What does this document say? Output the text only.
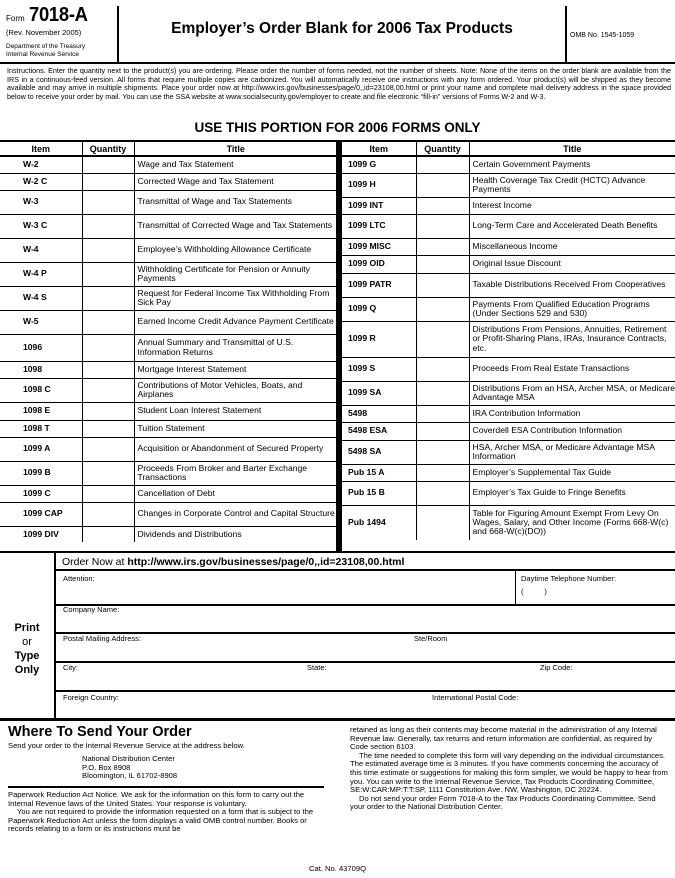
Form 7018-A
(Rev. November 2005)
Department of the Treasury
Internal Revenue Service
Employer’s Order Blank for 2006 Tax Products	OMB No. 1545-1059
Instructions. Enter the quantity next to the product(s) you are ordering. Please order the number of forms needed, not the number of sheets. Note: None of the items on the order blank are available from the IRS in a continuous-feed version. All forms that require multiple copies are carbonized. You will automatically receive one instructions with any form ordered. Your product(s) will be shipped as they become available and may arrive in multiple shipments. Place your order now at http://www.irs.gov/businesses/page/0,,id=23108,00.html or print your name and complete mail delivery address in the space provided below to receive your order by mail. You can use the SSA website at www.socialsecurity.gov/employer to create and file electronic “fill-in” versions of Forms W-2 and W-3.
USE THIS PORTION FOR 2006 FORMS ONLY
Item	Quantity	Title
W-2		Wage and Tax Statement
W-2 C		Corrected Wage and Tax Statement
W-3		Transmittal of Wage and Tax Statements
W-3 C		Transmittal of Corrected Wage and Tax Statements
W-4		Employee’s Withholding Allowance Certificate
W-4 P		Withholding Certificate for Pension or Annuity Payments
W-4 S		Request for Federal Income Tax Withholding From Sick Pay
W-5		Earned Income Credit Advance Payment Certificate
1096		Annual Summary and Transmittal of U.S. Information Returns
1098		Mortgage Interest Statement
1098 C		Contributions of Motor Vehicles, Boats, and Airplanes
1098 E		Student Loan Interest Statement
1098 T		Tuition Statement
1099 A		Acquisition or Abandonment of Secured Property
1099 B		Proceeds From Broker and Barter Exchange Transactions
1099 C		Cancellation of Debt
1099 CAP		Changes in Corporate Control and Capital Structure
1099 DIV		Dividends and Distributions
Item	Quantity	Title
1099 G		Certain Government Payments
1099 H		Health Coverage Tax Credit (HCTC) Advance Payments
1099 INT		Interest Income
1099 LTC		Long-Term Care and Accelerated Death Benefits
1099 MISC		Miscellaneous Income
1099 OID		Original Issue Discount
1099 PATR		Taxable Distributions Received From Cooperatives
1099 Q		Payments From Qualified Education Programs (Under Sections 529 and 530)
1099 R		Distributions From Pensions, Annuities, Retirement or Profit-Sharing Plans, IRAs, Insurance Contracts, etc.
1099 S		Proceeds From Real Estate Transactions
1099 SA		Distributions From an HSA, Archer MSA, or Medicare Advantage MSA
5498		IRA Contribution Information
5498 ESA		Coverdell ESA Contribution Information
5498 SA		HSA, Archer MSA, or Medicare Advantage MSA Information
Pub 15 A		Employer’s Supplemental Tax Guide
Pub 15 B		Employer’s Tax Guide to Fringe Benefits
Pub 1494		Table for Figuring Amount Exempt From Levy On Wages, Salary, and Other Income (Forms 668-W(c) and 668-W(c)(DO))
Print
or
Type
Only
Order Now at http://www.irs.gov/businesses/page/0,,id=23108,00.html
Attention:	Daytime Telephone Number:
(          )
Company Name:
Postal Mailing Address:	Ste/Room
City:	State:	Zip Code:
Foreign Country:	International Postal Code:
Where To Send Your Order
Send your order to the Internal Revenue Service at the address below.
National Distribution Center
P.O. Box 8908
Bloomington, IL 61702-8908

Paperwork Reduction Act Notice. We ask for the information on this form to carry out the Internal Revenue laws of the United States. Your response is voluntary.

You are not required to provide the information requested on a form that is subject to the Paperwork Reduction Act unless the form displays a valid OMB control number. Books or records relating to a form or its instructions must be

retained as long as their contents may become material in the administration of any Internal Revenue law. Generally, tax returns and return information are confidential, as required by Code section 6103.

The time needed to complete this form will vary depending on the individual circumstances. The estimated average time is 3 minutes. If you have comments concerning the accuracy of this time estimate or suggestions for making this form simpler, we would be happy to hear from you. You can write to the Internal Revenue Service, Tax Products Coordinating Committee, SE:W:CAR:MP:T:T:SP, 1111 Constitution Ave. NW, Washington, DC 20224.

Do not send your order Form 7018-A to the Tax Products Coordinating Committee. Send your order to the National Distribution Center.

Cat. No. 43709Q
